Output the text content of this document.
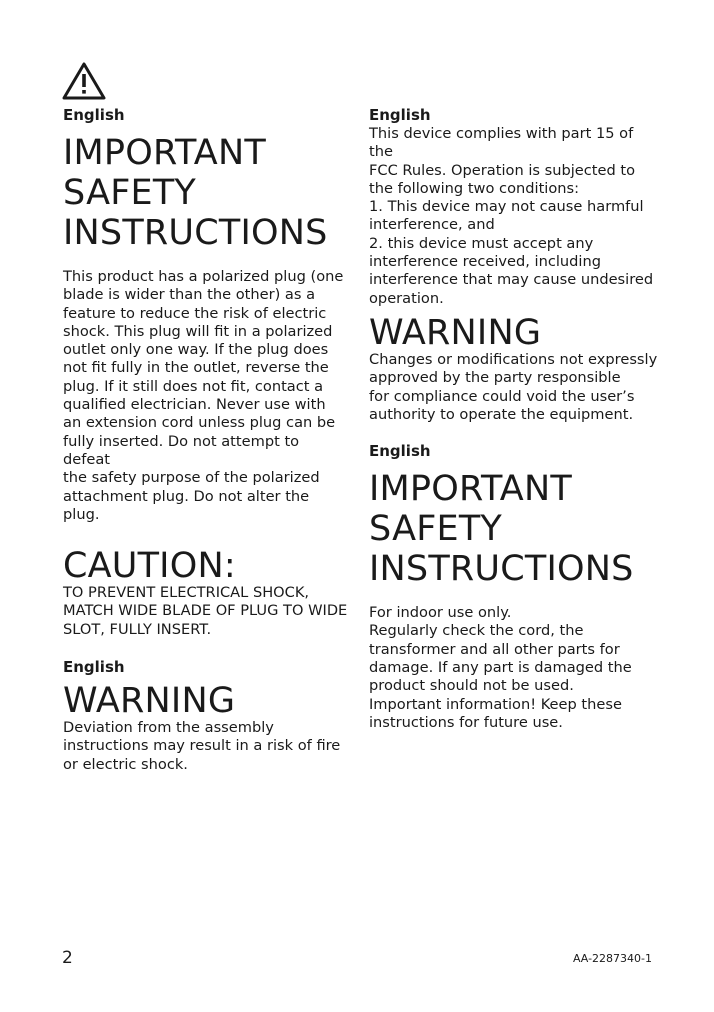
English

IMPORTANT
SAFETY
INSTRUCTIONS

This product has a polarized plug (one
blade is wider than the other) as a
feature to reduce the risk of electric
shock. This plug will fit in a polarized
outlet only one way. If the plug does
not fit fully in the outlet, reverse the
plug. If it still does not fit, contact a
qualified electrician. Never use with
an extension cord unless plug can be
fully inserted. Do not attempt to defeat
the safety purpose of the polarized
attachment plug. Do not alter the plug.

CAUTION:

TO PREVENT ELECTRICAL SHOCK,
MATCH WIDE BLADE OF PLUG TO WIDE
SLOT, FULLY INSERT.

English

WARNING

Deviation from the assembly
instructions may result in a risk of fire
or electric shock.

English

This device complies with part 15 of the
FCC Rules. Operation is subjected to
the following two conditions:
1. This device may not cause harmful
interference, and
2. this device must accept any
interference received, including
interference that may cause undesired
operation.

WARNING

Changes or modifications not expressly
approved by the party responsible
for compliance could void the user’s
authority to operate the equipment.

English

IMPORTANT
SAFETY
INSTRUCTIONS

For indoor use only.
Regularly check the cord, the
transformer and all other parts for
damage. If any part is damaged the
product should not be used.
Important information! Keep these
instructions for future use.

2	AA-2287340-1
